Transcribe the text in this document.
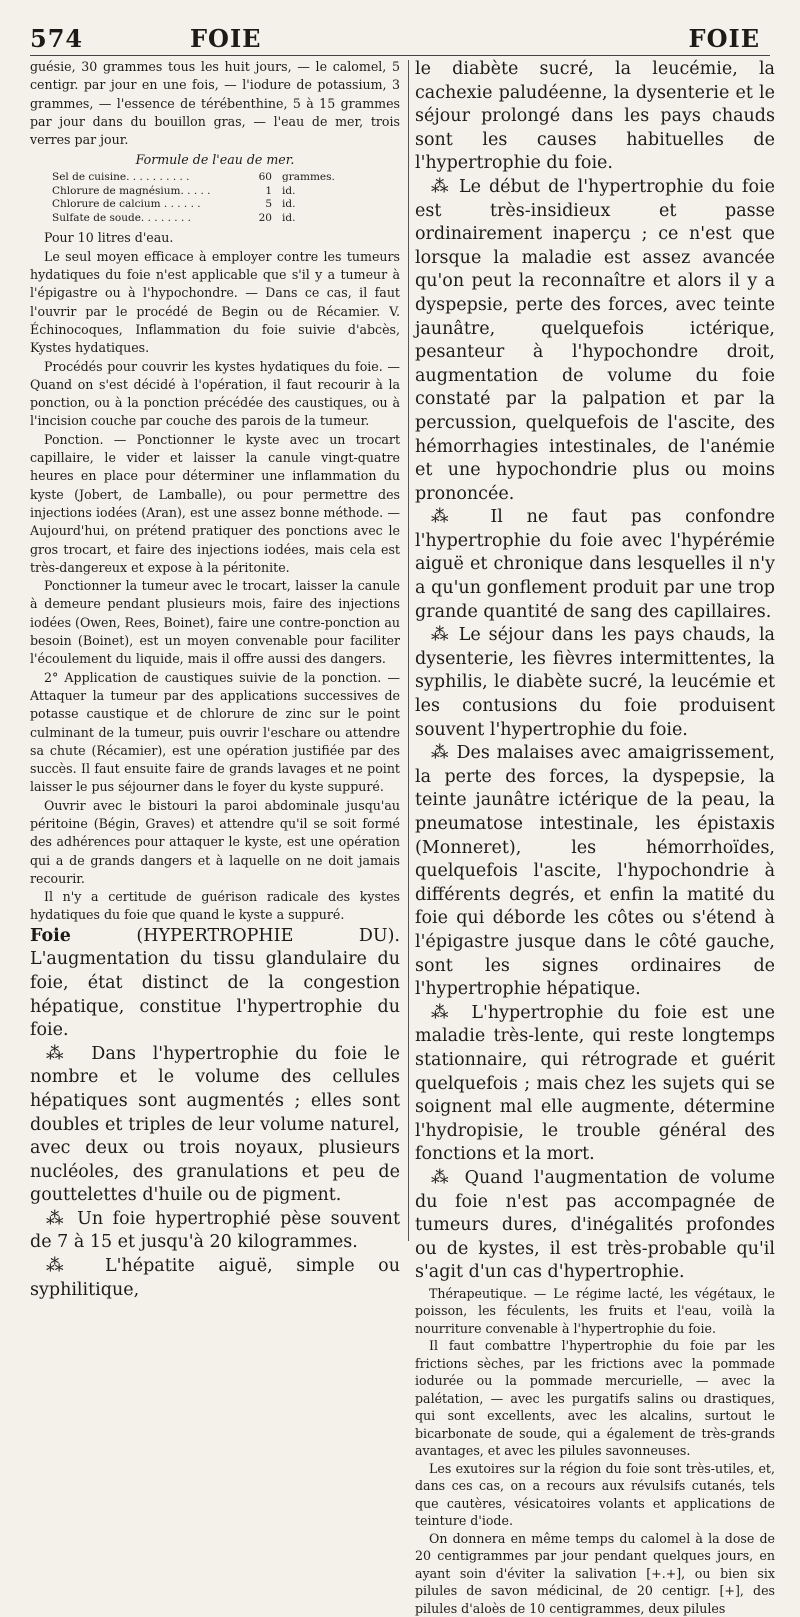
574	FOIE	FOIE

guésie, 30 grammes tous les huit jours, — le calomel, 5 centigr. par jour en une fois, — l'iodure de potassium, 3 grammes, — l'essence de térébenthine, 5 à 15 grammes par jour dans du bouillon gras, — l'eau de mer, trois verres par jour.

Formule de l'eau de mer.

Sel de cuisine. . . . . . . . . .	60 grammes.
Chlorure de magnésium. . . . .	1 id.
Chlorure de calcium . . . . . .	5 id.
Sulfate de soude. . . . . . . .	20 id.

Pour 10 litres d'eau.

Le seul moyen efficace à employer contre les tumeurs hydatiques du foie n'est applicable que s'il y a tumeur à l'épigastre ou à l'hypochondre. — Dans ce cas, il faut l'ouvrir par le procédé de Begin ou de Récamier. V. Échinocoques, Inflammation du foie suivie d'abcès, Kystes hydatiques.

Procédés pour couvrir les kystes hydatiques du foie. — Quand on s'est décidé à l'opération, il faut recourir à la ponction, ou à la ponction précédée des caustiques, ou à l'incision couche par couche des parois de la tumeur.

Ponction. — Ponctionner le kyste avec un trocart capillaire, le vider et laisser la canule vingt-quatre heures en place pour déterminer une inflammation du kyste (Jobert, de Lamballe), ou pour permettre des injections iodées (Aran), est une assez bonne méthode. — Aujourd'hui, on prétend pratiquer des ponctions avec le gros trocart, et faire des injections iodées, mais cela est très-dangereux et expose à la péritonite.

Ponctionner la tumeur avec le trocart, laisser la canule à demeure pendant plusieurs mois, faire des injections iodées (Owen, Rees, Boinet), faire une contre-ponction au besoin (Boinet), est un moyen convenable pour faciliter l'écoulement du liquide, mais il offre aussi des dangers.

2° Application de caustiques suivie de la ponction. — Attaquer la tumeur par des applications successives de potasse caustique et de chlorure de zinc sur le point culminant de la tumeur, puis ouvrir l'eschare ou attendre sa chute (Récamier), est une opération justifiée par des succès. Il faut ensuite faire de grands lavages et ne point laisser le pus séjourner dans le foyer du kyste suppuré.

Ouvrir avec le bistouri la paroi abdominale jusqu'au péritoine (Bégin, Graves) et attendre qu'il se soit formé des adhérences pour attaquer le kyste, est une opération qui a de grands dangers et à laquelle on ne doit jamais recourir.

Il n'y a certitude de guérison radicale des kystes hydatiques du foie que quand le kyste a suppuré.

Foie	(HYPERTROPHIE DU). L'augmentation du tissu glandulaire du foie, état distinct de la congestion hépatique, constitue l'hypertrophie du foie.

⁂ Dans l'hypertrophie du foie le nombre et le volume des cellules hépatiques sont augmentés ; elles sont doubles et triples de leur volume naturel, avec deux ou trois noyaux, plusieurs nucléoles, des granulations et peu de gouttelettes d'huile ou de pigment.

⁂ Un foie hypertrophié pèse souvent de 7 à 15 et jusqu'à 20 kilogrammes.

⁂ L'hépatite aiguë, simple ou syphilitique,

le diabète sucré, la leucémie, la cachexie paludéenne, la dysenterie et le séjour prolongé dans les pays chauds sont les causes habituelles de l'hypertrophie du foie.

⁂ Le début de l'hypertrophie du foie est très-insidieux et passe ordinairement inaperçu ; ce n'est que lorsque la maladie est assez avancée qu'on peut la reconnaître et alors il y a dyspepsie, perte des forces, avec teinte jaunâtre, quelquefois ictérique, pesanteur à l'hypochondre droit, augmentation de volume du foie constaté par la palpation et par la percussion, quelquefois de l'ascite, des hémorrhagies intestinales, de l'anémie et une hypochondrie plus ou moins prononcée.

⁂ Il ne faut pas confondre l'hypertrophie du foie avec l'hypérémie aiguë et chronique dans lesquelles il n'y a qu'un gonflement produit par une trop grande quantité de sang des capillaires.

⁂ Le séjour dans les pays chauds, la dysenterie, les fièvres intermittentes, la syphilis, le diabète sucré, la leucémie et les contusions du foie produisent souvent l'hypertrophie du foie.

⁂ Des malaises avec amaigrissement, la perte des forces, la dyspepsie, la teinte jaunâtre ictérique de la peau, la pneumatose intestinale, les épistaxis (Monneret), les hémorrhoïdes, quelquefois l'ascite, l'hypochondrie à différents degrés, et enfin la matité du foie qui déborde les côtes ou s'étend à l'épigastre jusque dans le côté gauche, sont les signes ordinaires de l'hypertrophie hépatique.

⁂ L'hypertrophie du foie est une maladie très-lente, qui reste longtemps stationnaire, qui rétrograde et guérit quelquefois ; mais chez les sujets qui se soignent mal elle augmente, détermine l'hydropisie, le trouble général des fonctions et la mort.

⁂ Quand l'augmentation de volume du foie n'est pas accompagnée de tumeurs dures, d'inégalités profondes ou de kystes, il est très-probable qu'il s'agit d'un cas d'hypertrophie.

Thérapeutique. — Le régime lacté, les végétaux, le poisson, les féculents, les fruits et l'eau, voilà la nourriture convenable à l'hypertrophie du foie.

Il faut combattre l'hypertrophie du foie par les frictions sèches, par les frictions avec la pommade iodurée ou la pommade mercurielle, — avec la palétation, — avec les purgatifs salins ou drastiques, qui sont excellents, avec les alcalins, surtout le bicarbonate de soude, qui a également de très-grands avantages, et avec les pilules savonneuses.

Les exutoires sur la région du foie sont très-utiles, et, dans ces cas, on a recours aux révulsifs cutanés, tels que cautères, vésicatoires volants et applications de teinture d'iode.

On donnera en même temps du calomel à la dose de 20 centigrammes par jour pendant quelques jours, en ayant soin d'éviter la salivation [+.+], ou bien six pilules de savon médicinal, de 20 centigr. [+], des pilules d'aloès de 10 centigrammes, deux pilules
